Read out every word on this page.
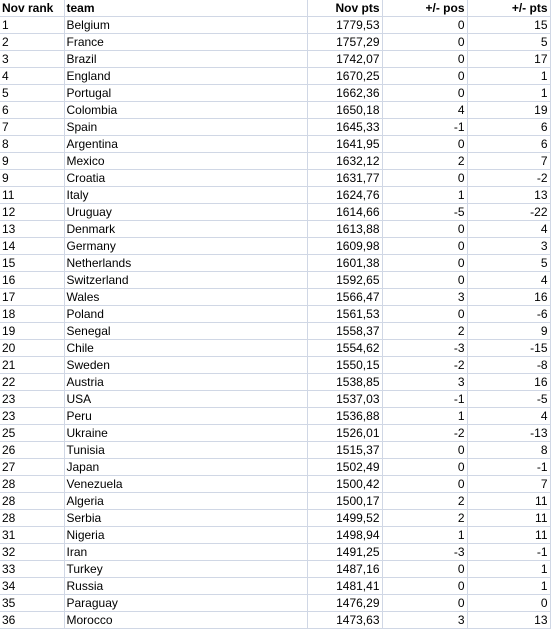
Nov rank	team	Nov pts	+/- pos	+/- pts
1	Belgium	1779,53	0	15
2	France	1757,29	0	5
3	Brazil	1742,07	0	17
4	England	1670,25	0	1
5	Portugal	1662,36	0	1
6	Colombia	1650,18	4	19
7	Spain	1645,33	-1	6
8	Argentina	1641,95	0	6
9	Mexico	1632,12	2	7
9	Croatia	1631,77	0	-2
11	Italy	1624,76	1	13
12	Uruguay	1614,66	-5	-22
13	Denmark	1613,88	0	4
14	Germany	1609,98	0	3
15	Netherlands	1601,38	0	5
16	Switzerland	1592,65	0	4
17	Wales	1566,47	3	16
18	Poland	1561,53	0	-6
19	Senegal	1558,37	2	9
20	Chile	1554,62	-3	-15
21	Sweden	1550,15	-2	-8
22	Austria	1538,85	3	16
23	USA	1537,03	-1	-5
23	Peru	1536,88	1	4
25	Ukraine	1526,01	-2	-13
26	Tunisia	1515,37	0	8
27	Japan	1502,49	0	-1
28	Venezuela	1500,42	0	7
28	Algeria	1500,17	2	11
28	Serbia	1499,52	2	11
31	Nigeria	1498,94	1	11
32	Iran	1491,25	-3	-1
33	Turkey	1487,16	0	1
34	Russia	1481,41	0	1
35	Paraguay	1476,29	0	0
36	Morocco	1473,63	3	13
